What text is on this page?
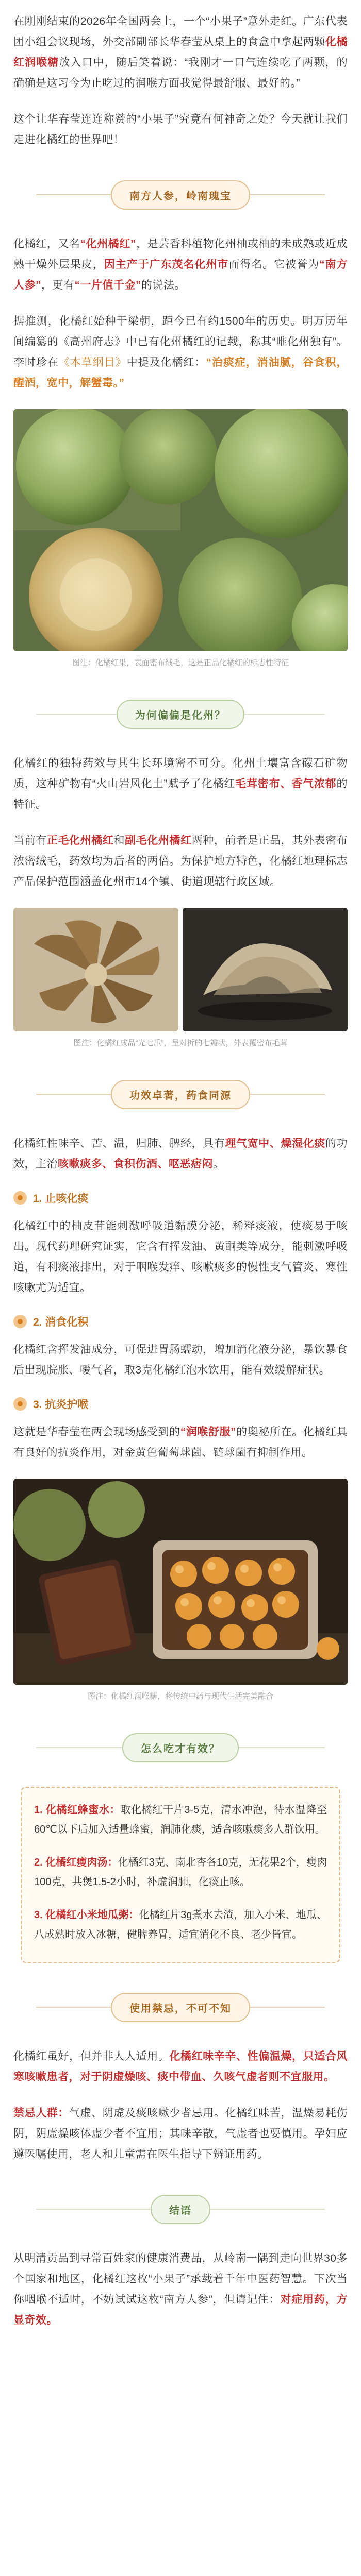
在刚刚结束的2026年全国两会上，一个“小果子”意外走红。广东代表团小组会议现场，外交部副部长华春莹从桌上的食盒中拿起两颗化橘红润喉糖放入口中，随后笑着说：“我刚才一口气连续吃了两颗，的确确是这习今为止吃过的润喉方面我觉得最舒服、最好的。”

这个让华春莹连连称赞的“小果子”究竟有何神奇之处？今天就让我们走进化橘红的世界吧！

南方人参，岭南瑰宝

化橘红，又名“化州橘红”，是芸香科植物化州柚或柚的未成熟或近成熟干燥外层果皮，因主产于广东茂名化州市而得名。它被誉为“南方人参”，更有“一片值千金”的说法。

据推测，化橘红始种于梁朝，距今已有约1500年的历史。明万历年间编纂的《高州府志》中已有化州橘红的记载，称其“唯化州独有”。李时珍在《本草纲目》中提及化橘红：“治痰症，消油腻，谷食积，醒酒，宽中，解蟹毒。”

图注：化橘红果，表面密布绒毛，这是正品化橘红的标志性特征
为何偏偏是化州？

化橘红的独特药效与其生长环境密不可分。化州土壤富含礞石矿物质，这种矿物有“火山岩风化土”赋予了化橘红毛茸密布、香气浓郁的特征。

当前有正毛化州橘红和副毛化州橘红两种，前者是正品，其外表密布浓密绒毛，药效均为后者的两倍。为保护地方特色，化橘红地理标志产品保护范围涵盖化州市14个镇、街道现辖行政区域。

图注：化橘红成品“光七爪”，呈对折的七瓣状，外表覆密布毛茸
功效卓著，药食同源

化橘红性味辛、苦、温，归肺、脾经，具有理气宽中、燥湿化痰的功效，主治咳嗽痰多、食积伤酒、呕恶痞闷。

1. 止咳化痰

化橘红中的柚皮苷能刺激呼吸道黏膜分泌，稀释痰液，使痰易于咳出。现代药理研究证实，它含有挥发油、黄酮类等成分，能刺激呼吸道，有利痰液排出，对于咽喉发痒、咳嗽痰多的慢性支气管炎、寒性咳嗽尤为适宜。

2. 消食化积

化橘红含挥发油成分，可促进胃肠蠕动，增加消化液分泌，暴饮暴食后出现脘胀、嗳气者，取3克化橘红泡水饮用，能有效缓解症状。

3. 抗炎护喉

这就是华春莹在两会现场感受到的“润喉舒服”的奥秘所在。化橘红具有良好的抗炎作用，对金黄色葡萄球菌、链球菌有抑制作用。

图注：化橘红润喉糖，将传统中药与现代生活完美融合
怎么吃才有效？

1. 化橘红蜂蜜水：取化橘红干片3-5克，清水冲泡，待水温降至60℃以下后加入适量蜂蜜，润肺化痰，适合咳嗽痰多人群饮用。

2. 化橘红瘦肉汤：化橘红3克、南北杏各10克，无花果2个，瘦肉100克，共煲1.5-2小时，补虚润肺，化痰止咳。

3. 化橘红小米地瓜粥：化橘红片3g煮水去渣，加入小米、地瓜、八成熟时放入冰糖，健脾养胃，适宜消化不良、老少皆宜。

使用禁忌，不可不知

化橘红虽好，但并非人人适用。化橘红味辛辛、性偏温燥，只适合风寒咳嗽患者，对于阴虚燥咳、痰中带血、久咳气虚者则不宜服用。

禁忌人群：气虚、阴虚及痰咳嗽少者忌用。化橘红味苦，温燥易耗伤阴，阴虚燥咳体虚少者不宜用；其味辛散，气虚者也要慎用。孕妇应遵医嘱使用，老人和儿童需在医生指导下辨证用药。

结语

从明清贡品到寻常百姓家的健康消费品，从岭南一隅到走向世界30多个国家和地区，化橘红这枚“小果子”承载着千年中医药智慧。下次当你咽喉不适时，不妨试试这枚“南方人参”，但请记住：对症用药，方显奇效。
